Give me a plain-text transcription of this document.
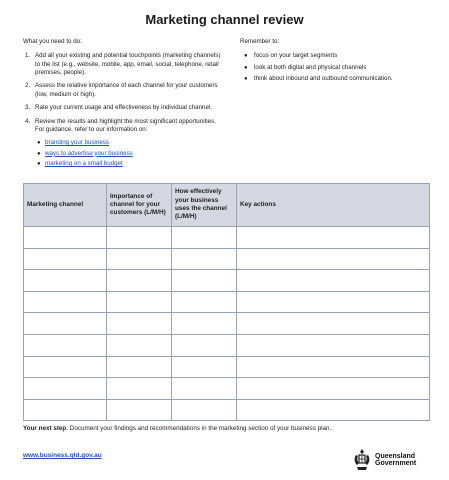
Marketing channel review
What you need to do:
1. Add all your existing and potential touchpoints (marketing channels) to the list (e.g., website, mobile, app, email, social, telephone, retail premises, people).
2. Assess the relative importance of each channel for your customers (low, medium or high).
3. Rate your current usage and effectiveness by individual channel.
4. Review the results and highlight the most significant opportunities. For guidance, refer to our information on:
● branding your business
● ways to advertise your business
● marketing on a small budget
Remember to:
●	focus on your target segments
●	look at both digital and physical channels
●	think about inbound and outbound communication.
Marketing channel	Importance of channel for your customers (L/M/H)	How effectively your business uses the channel (L/M/H)	Key actions

Your next step: Document your findings and recommendations in the marketing section of your business plan.
www.business.qld.gov.au	Queensland
Government
